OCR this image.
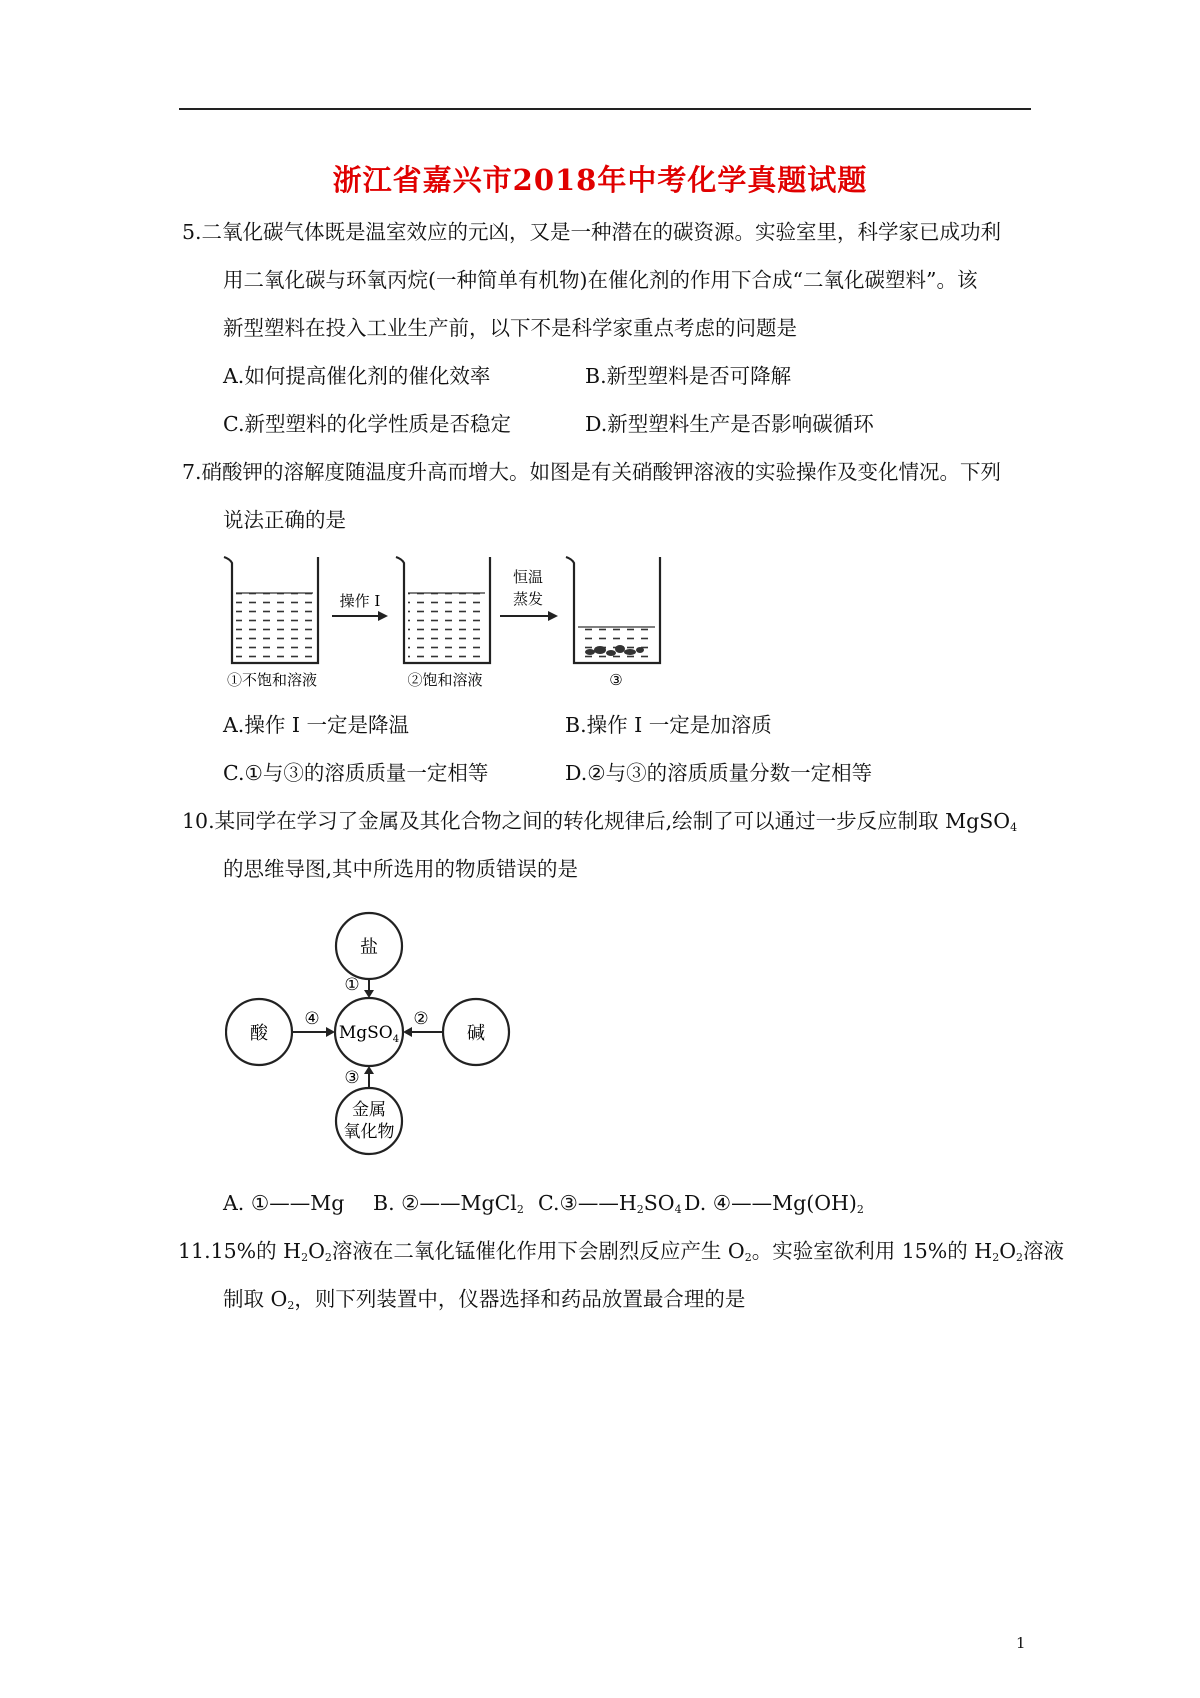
浙江省嘉兴市2018年中考化学真题试题
5.二氧化碳气体既是温室效应的元凶，又是一种潜在的碳资源。实验室里，科学家已成功利
用二氧化碳与环氧丙烷(一种简单有机物)在催化剂的作用下合成“二氧化碳塑料”。该
新型塑料在投入工业生产前，以下不是科学家重点考虑的问题是
A.如何提高催化剂的催化效率	B.新型塑料是否可降解
C.新型塑料的化学性质是否稳定	D.新型塑料生产是否影响碳循环
7.硝酸钾的溶解度随温度升高而增大。如图是有关硝酸钾溶液的实验操作及变化情况。下列
说法正确的是
操作 I
恒温
蒸发
①不饱和溶液	②饱和溶液	③
A.操作 I 一定是降温	B.操作 I 一定是加溶质
C.①与③的溶质质量一定相等	D.②与③的溶质质量分数一定相等
10.某同学在学习了金属及其化合物之间的转化规律后,绘制了可以通过一步反应制取 MgSO$_4$
的思维导图,其中所选用的物质错误的是
盐
MgSO$_4$
酸	碱
金属
氧化物
①
②
③
④
A. ①——Mg B. ②——MgCl$_2$ $C.③——H_2SO_4$ D. $④——Mg(OH)_2$
11.15%的 $H_2O_2$溶液在二氧化锰催化作用下会剧烈反应产生 $O_2$。实验室欲利用 15%的 $H_2O_2$溶液
制取 $O_2$，则下列装置中，仪器选择和药品放置最合理的是
1
